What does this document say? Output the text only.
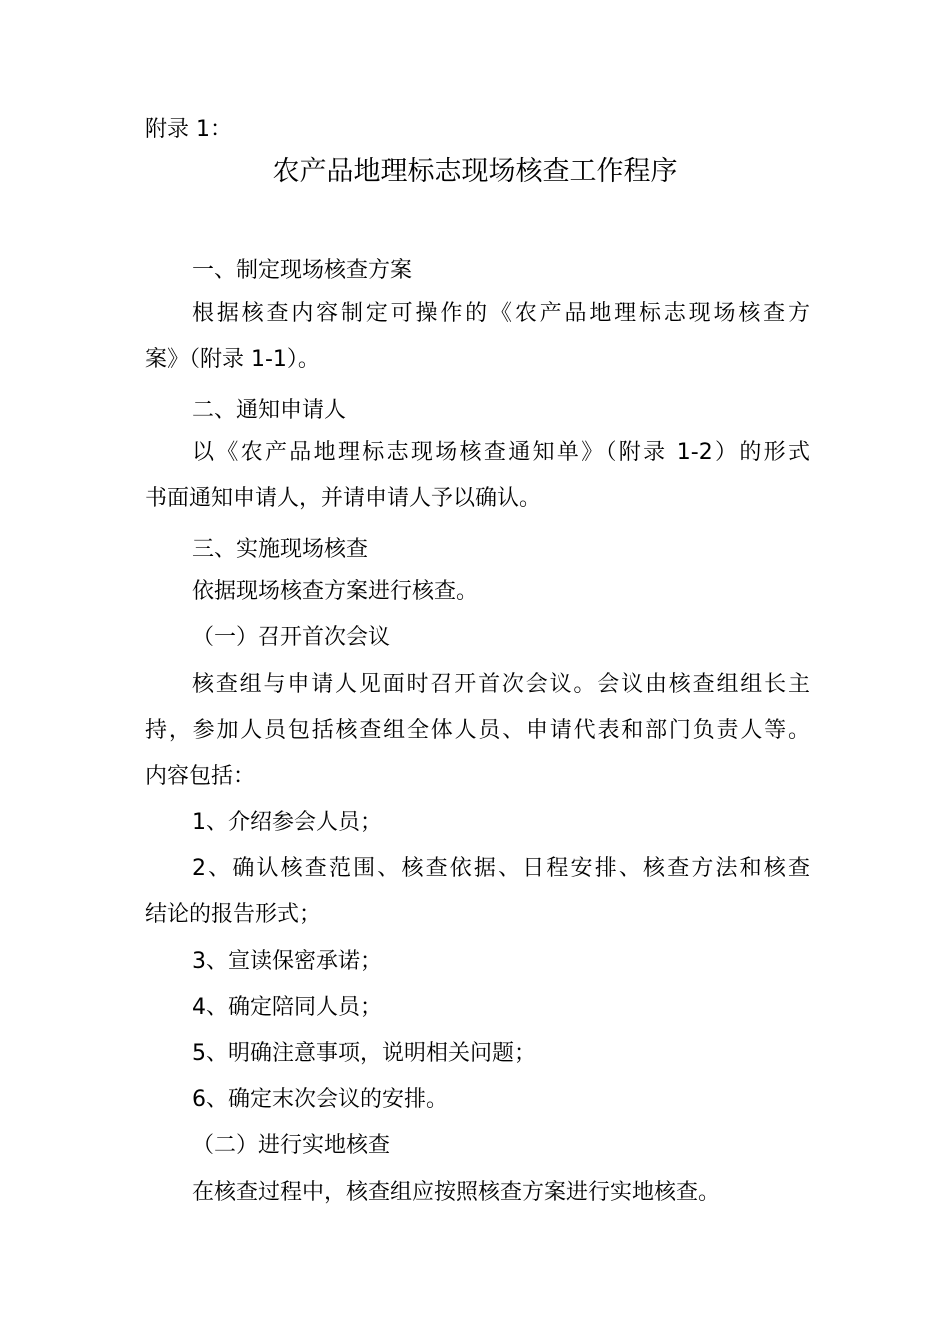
附录 1：
农产品地理标志现场核查工作程序
一、制定现场核查方案
根据核查内容制定可操作的《农产品地理标志现场核查方
案》（附录 1-1）。
二、通知申请人
以《农产品地理标志现场核查通知单》（附录 1-2）的形式
书面通知申请人，并请申请人予以确认。
三、实施现场核查
依据现场核查方案进行核查。
（一）召开首次会议
核查组与申请人见面时召开首次会议。会议由核查组组长主
持，参加人员包括核查组全体人员、申请代表和部门负责人等。
内容包括：
1、介绍参会人员；
2、确认核查范围、核查依据、日程安排、核查方法和核查
结论的报告形式；
3、宣读保密承诺；
4、确定陪同人员；
5、明确注意事项，说明相关问题；
6、确定末次会议的安排。
（二）进行实地核查
在核查过程中，核查组应按照核查方案进行实地核查。
